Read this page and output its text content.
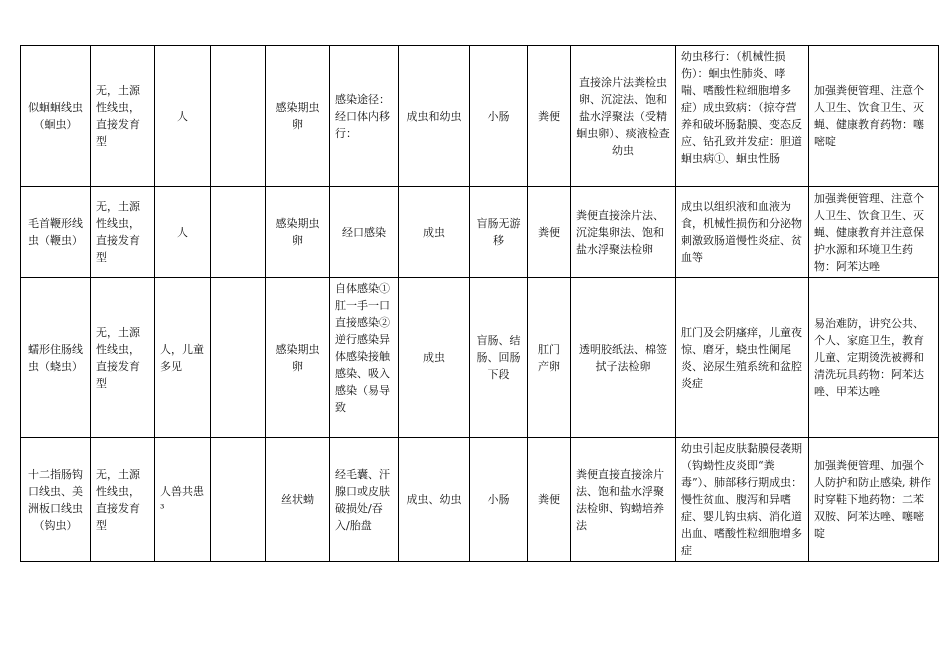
似蛔蛔线虫（蛔虫）	无，土源性线虫，直接发育型	人		感染期虫卵	感染途径：经口体内移行：	成虫和幼虫	小肠	粪便	直接涂片法粪检虫卵、沉淀法、饱和盐水浮聚法（受精蛔虫卵）、痰液检查幼虫	幼虫移行：（机械性损伤）：蛔虫性肺炎、哮喘、嗜酸性粒细胞增多症）成虫致病：（掠夺营养和破坏肠黏膜、变态反应、钻孔致并发症：胆道蛔虫病①、蛔虫性肠	加强粪便管理、注意个人卫生、饮食卫生、灭蝇、健康教育药物：噻嘧啶
毛首鞭形线虫（鞭虫）	无，土源性线虫，直接发育型	人		感染期虫卵	经口感染	成虫	盲肠无游移	粪便	粪便直接涂片法、沉淀集卵法、饱和盐水浮聚法检卵	成虫以组织液和血液为食，机械性损伤和分泌物刺激致肠道慢性炎症、贫血等	加强粪便管理、注意个人卫生、饮食卫生、灭蝇、健康教育并注意保护水源和环境卫生药物：阿苯达唑
蠕形住肠线虫（蛲虫）	无，土源性线虫，直接发育型	人，儿童多见		感染期虫卵	自体感染① 肛一手一口直接感染② 逆行感染异体感染接触感染、吸入感染（易导致	成虫	盲肠、结肠、回肠下段	肛门产卵	透明胶纸法、棉签拭子法检卵	肛门及会阴瘙痒，儿童夜惊、磨牙，蛲虫性阑尾炎、泌尿生殖系统和盆腔炎症	易治难防，讲究公共、个人、家庭卫生，教育儿童、定期烫洗被褥和清洗玩具药物：阿苯达唑、甲苯达唑
十二指肠钩口线虫、美洲板口线虫（钩虫）	无，土源性线虫，直接发育型	人兽共患³		丝状蚴	经毛囊、汗腺口或皮肤破损处/吞入/胎盘	成虫、幼虫	小肠	粪便	粪便直接直接涂片法、饱和盐水浮聚法检卵、钩蚴培养法	幼虫引起皮肤黏膜侵袭期（钩蚴性皮炎即“粪毒”）、肺部移行期成虫：慢性贫血、腹泻和异嗜症、婴儿钩虫病、消化道出血、嗜酸性粒细胞增多症	加强粪便管理、加强个人防护和防止感染, 耕作时穿鞋下地药物：二苯双胺、阿苯达唑、噻嘧啶
